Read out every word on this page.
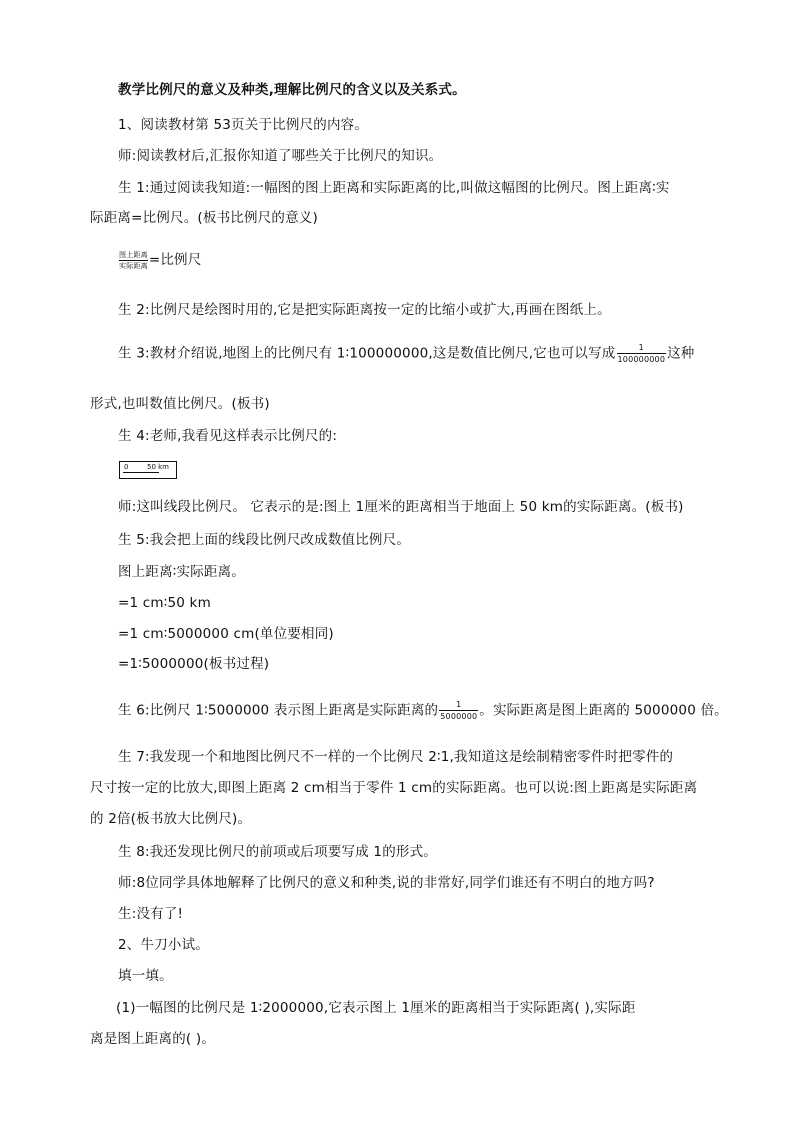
教学比例尺的意义及种类,理解比例尺的含义以及关系式。
1、阅读教材第 53页关于比例尺的内容。
师:阅读教材后,汇报你知道了哪些关于比例尺的知识。
生 1:通过阅读我知道:一幅图的图上距离和实际距离的比,叫做这幅图的比例尺。图上距离∶实
际距离=比例尺。(板书比例尺的意义)
$\frac{\text{图上距离}}{\text{实际距离}}$ =比例尺
生 2:比例尺是绘图时用的,它是把实际距离按一定的比缩小或扩大,再画在图纸上。
生 3:教材介绍说,地图上的比例尺有 1∶100000000,这是数值比例尺,它也可以写成 $\frac{1}{100000000}$ 这种
形式,也叫数值比例尺。(板书)
生 4:老师,我看见这样表示比例尺的:
0	50 km
师:这叫线段比例尺。 它表示的是:图上 1厘米的距离相当于地面上 50 km的实际距离。(板书)
生 5:我会把上面的线段比例尺改成数值比例尺。
图上距离∶实际距离。
=1 cm∶50 km
=1 cm∶5000000 cm(单位要相同)
=1∶5000000(板书过程)
生 6:比例尺 1∶5000000 表示图上距离是实际距离的 $\frac{1}{5000000}$ 。实际距离是图上距离的 5000000 倍。
生 7:我发现一个和地图比例尺不一样的一个比例尺 2∶1,我知道这是绘制精密零件时把零件的
尺寸按一定的比放大,即图上距离 2 cm相当于零件 1 cm的实际距离。也可以说:图上距离是实际距离
的 2倍(板书放大比例尺)。
生 8:我还发现比例尺的前项或后项要写成 1的形式。
师:8位同学具体地解释了比例尺的意义和种类,说的非常好,同学们谁还有不明白的地方吗?
生:没有了!
2、牛刀小试。
填一填。
(1)一幅图的比例尺是 1∶2000000,它表示图上 1厘米的距离相当于实际距离( ),实际距
离是图上距离的( )。
